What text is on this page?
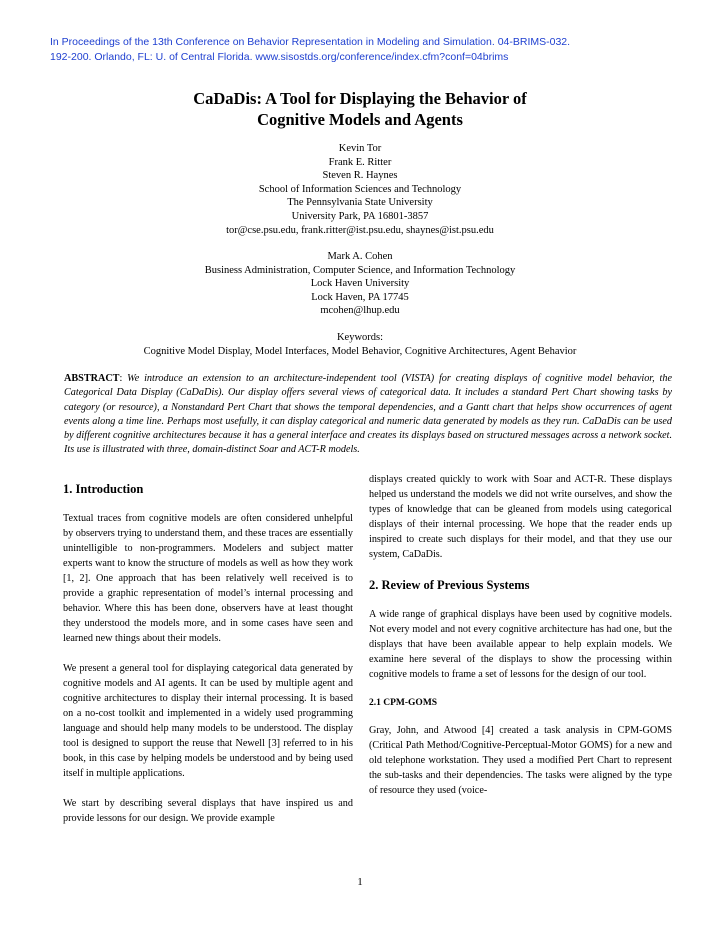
In Proceedings of the 13th Conference on Behavior Representation in Modeling and Simulation. 04-BRIMS-032.
192-200. Orlando, FL: U. of Central Florida. www.sisostds.org/conference/index.cfm?conf=04brims
CaDaDis: A Tool for Displaying the Behavior of
Cognitive Models and Agents
Kevin Tor
Frank E. Ritter
Steven R. Haynes
School of Information Sciences and Technology
The Pennsylvania State University
University Park, PA 16801-3857
tor@cse.psu.edu, frank.ritter@ist.psu.edu, shaynes@ist.psu.edu
Mark A. Cohen
Business Administration, Computer Science, and Information Technology
Lock Haven University
Lock Haven, PA 17745
mcohen@lhup.edu
Keywords:
Cognitive Model Display, Model Interfaces, Model Behavior, Cognitive Architectures, Agent Behavior
ABSTRACT: We introduce an extension to an architecture-independent tool (VISTA) for creating displays of cognitive model behavior, the Categorical Data Display (CaDaDis). Our display offers several views of categorical data. It includes a standard Pert Chart showing tasks by category (or resource), a Nonstandard Pert Chart that shows the temporal dependencies, and a Gantt chart that helps show occurrences of agent events along a time line. Perhaps most usefully, it can display categorical and numeric data generated by models as they run. CaDaDis can be used by different cognitive architectures because it has a general interface and creates its displays based on structured messages across a network socket. Its use is illustrated with three, domain-distinct Soar and ACT-R models.
1. Introduction

Textual traces from cognitive models are often considered unhelpful by observers trying to understand them, and these traces are essentially unintelligible to non-programmers. Modelers and subject matter experts want to know the structure of models as well as how they work [1, 2]. One approach that has been relatively well received is to provide a graphic representation of model’s internal processing and behavior. Where this has been done, observers have at least thought they understood the models more, and in some cases have seen and learned new things about their models.

We present a general tool for displaying categorical data generated by cognitive models and AI agents. It can be used by multiple agent and cognitive architectures to display their internal processing. It is based on a no-cost toolkit and implemented in a widely used programming language and should help many models to be understood. The display tool is designed to support the reuse that Newell [3] referred to in his book, in this case by helping models be understood and by being used itself in multiple applications.

We start by describing several displays that have inspired us and provide lessons for our design. We provide example

displays created quickly to work with Soar and ACT-R. These displays helped us understand the models we did not write ourselves, and show the types of knowledge that can be gleaned from models using categorical displays of their internal processing. We hope that the reader ends up inspired to create such displays for their model, and that they use our system, CaDaDis.

2. Review of Previous Systems

A wide range of graphical displays have been used by cognitive models. Not every model and not every cognitive architecture has had one, but the displays that have been available appear to help explain models. We examine here several of the displays to show the processing within cognitive models to frame a set of lessons for the design of our tool.

2.1 CPM-GOMS

Gray, John, and Atwood [4] created a task analysis in CPM-GOMS (Critical Path Method/Cognitive-Perceptual-Motor GOMS) for a new and old telephone workstation. They used a modified Pert Chart to represent the sub-tasks and their dependencies. The tasks were aligned by the type of resource they used (voice-

1
